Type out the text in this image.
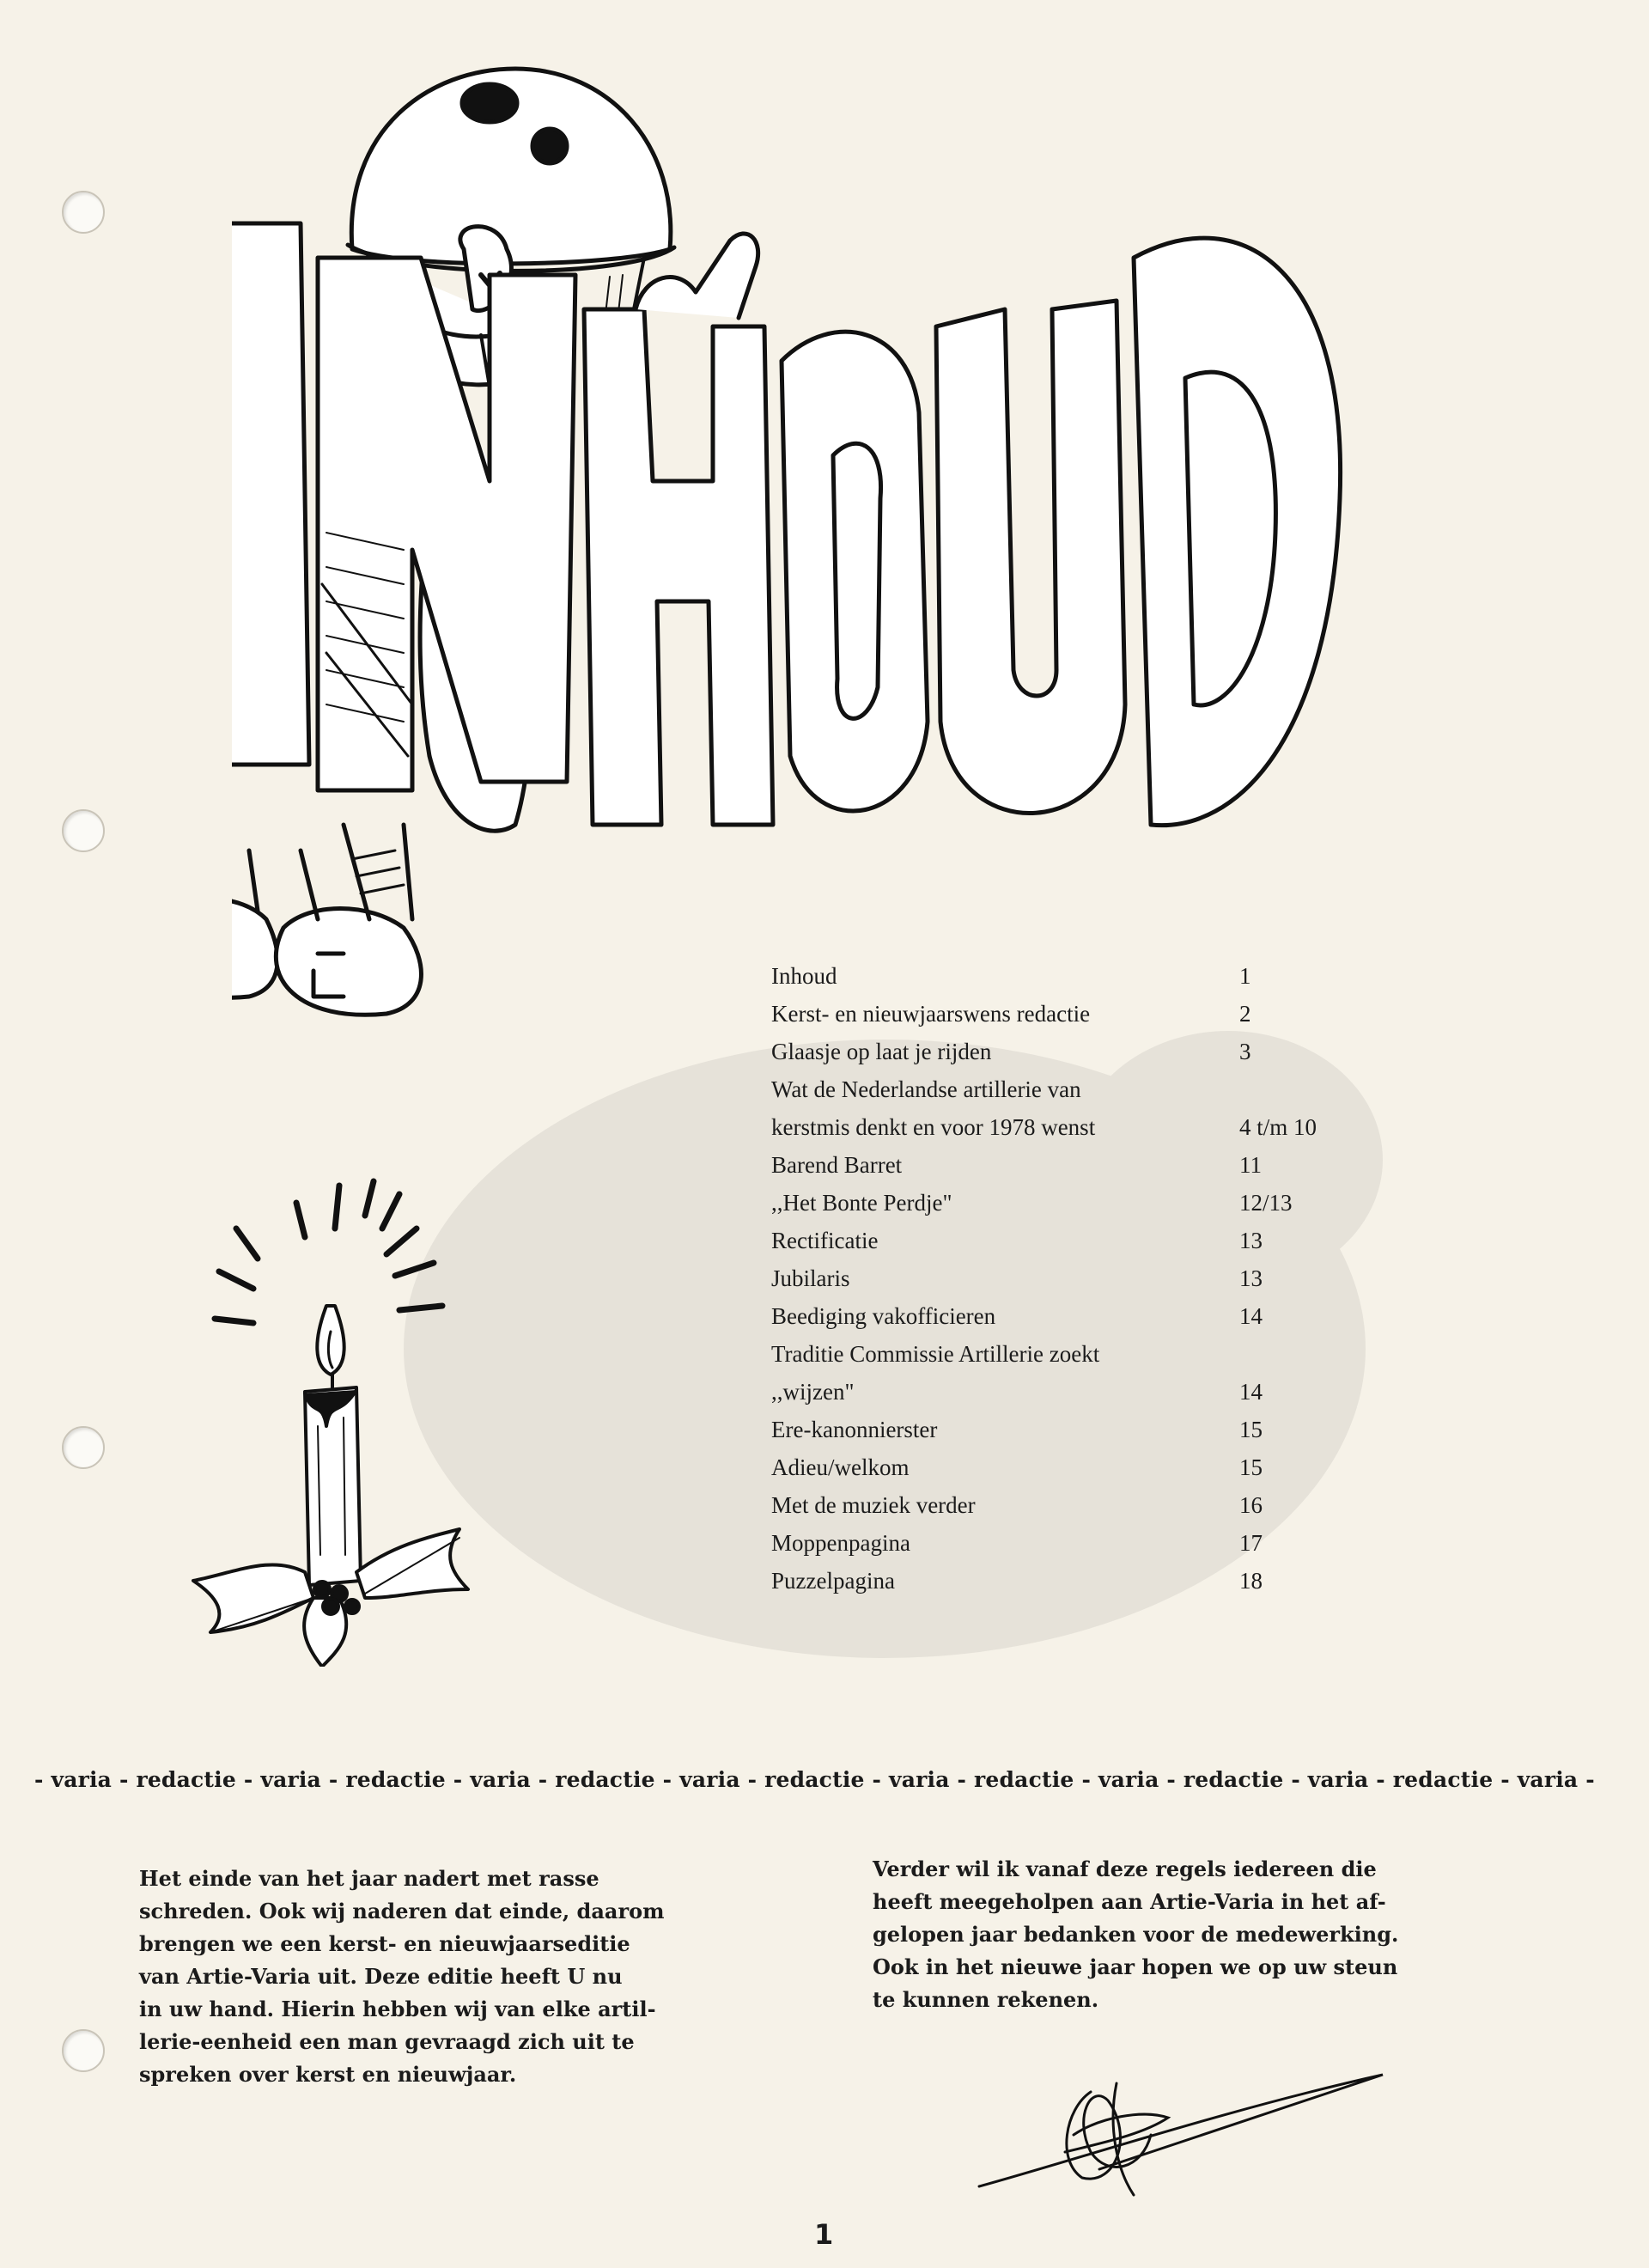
Inhoud	1
Kerst- en nieuwjaarswens redactie	2
Glaasje op laat je rijden	3
Wat de Nederlandse artillerie van
kerstmis denkt en voor 1978 wenst	4 t/m 10
Barend Barret	11
,,Het Bonte Perdje"	12/13
Rectificatie	13
Jubilaris	13
Beediging vakofficieren	14
Traditie Commissie Artillerie zoekt
,,wijzen"	14
Ere-kanonnierster	15
Adieu/welkom	15
Met de muziek verder	16
Moppenpagina	17
Puzzelpagina	18
- varia - redactie - varia - redactie - varia - redactie - varia - redactie - varia - redactie - varia - redactie - varia - redactie - varia -
Het einde van het jaar nadert met rasse
schreden. Ook wij naderen dat einde, daarom
brengen we een kerst- en nieuwjaarseditie
van Artie-Varia uit. Deze editie heeft U nu
in uw hand. Hierin hebben wij van elke artil-
lerie-eenheid een man gevraagd zich uit te
spreken over kerst en nieuwjaar.
Verder wil ik vanaf deze regels iedereen die
heeft meegeholpen aan Artie-Varia in het af-
gelopen jaar bedanken voor de medewerking.
Ook in het nieuwe jaar hopen we op uw steun
te kunnen rekenen.
1
